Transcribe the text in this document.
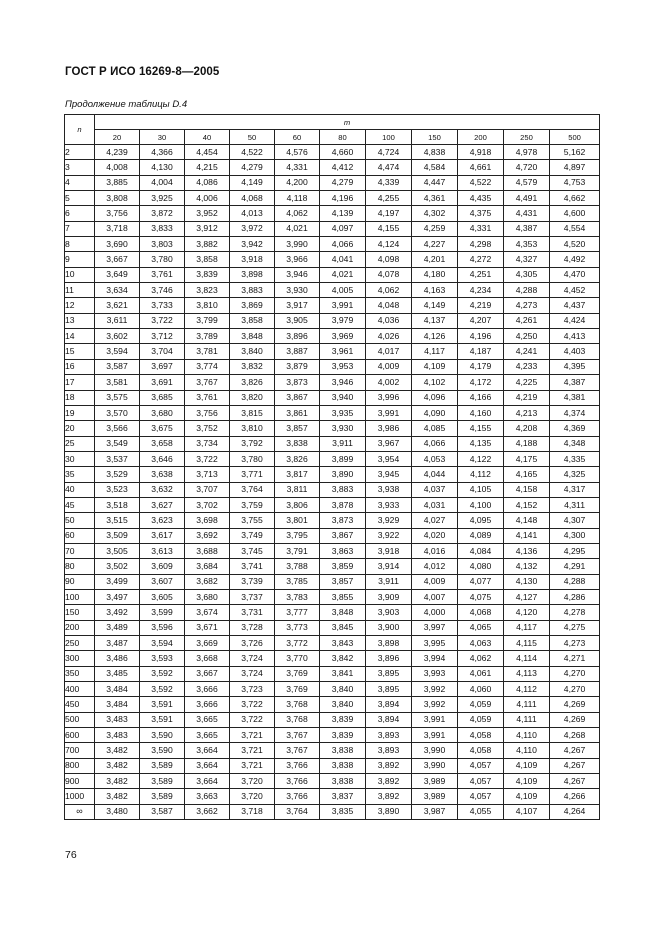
ГОСТ Р ИСО 16269-8—2005
Продолжение таблицы D.4
n	m										
	20	30	40	50	60	80	100	150	200	250	500
2	4,239	4,366	4,454	4,522	4,576	4,660	4,724	4,838	4,918	4,978	5,162
3	4,008	4,130	4,215	4,279	4,331	4,412	4,474	4,584	4,661	4,720	4,897
4	3,885	4,004	4,086	4,149	4,200	4,279	4,339	4,447	4,522	4,579	4,753
5	3,808	3,925	4,006	4,068	4,118	4,196	4,255	4,361	4,435	4,491	4,662
6	3,756	3,872	3,952	4,013	4,062	4,139	4,197	4,302	4,375	4,431	4,600
7	3,718	3,833	3,912	3,972	4,021	4,097	4,155	4,259	4,331	4,387	4,554
8	3,690	3,803	3,882	3,942	3,990	4,066	4,124	4,227	4,298	4,353	4,520
9	3,667	3,780	3,858	3,918	3,966	4,041	4,098	4,201	4,272	4,327	4,492
10	3,649	3,761	3,839	3,898	3,946	4,021	4,078	4,180	4,251	4,305	4,470
11	3,634	3,746	3,823	3,883	3,930	4,005	4,062	4,163	4,234	4,288	4,452
12	3,621	3,733	3,810	3,869	3,917	3,991	4,048	4,149	4,219	4,273	4,437
13	3,611	3,722	3,799	3,858	3,905	3,979	4,036	4,137	4,207	4,261	4,424
14	3,602	3,712	3,789	3,848	3,896	3,969	4,026	4,126	4,196	4,250	4,413
15	3,594	3,704	3,781	3,840	3,887	3,961	4,017	4,117	4,187	4,241	4,403
16	3,587	3,697	3,774	3,832	3,879	3,953	4,009	4,109	4,179	4,233	4,395
17	3,581	3,691	3,767	3,826	3,873	3,946	4,002	4,102	4,172	4,225	4,387
18	3,575	3,685	3,761	3,820	3,867	3,940	3,996	4,096	4,166	4,219	4,381
19	3,570	3,680	3,756	3,815	3,861	3,935	3,991	4,090	4,160	4,213	4,374
20	3,566	3,675	3,752	3,810	3,857	3,930	3,986	4,085	4,155	4,208	4,369
25	3,549	3,658	3,734	3,792	3,838	3,911	3,967	4,066	4,135	4,188	4,348
30	3,537	3,646	3,722	3,780	3,826	3,899	3,954	4,053	4,122	4,175	4,335
35	3,529	3,638	3,713	3,771	3,817	3,890	3,945	4,044	4,112	4,165	4,325
40	3,523	3,632	3,707	3,764	3,811	3,883	3,938	4,037	4,105	4,158	4,317
45	3,518	3,627	3,702	3,759	3,806	3,878	3,933	4,031	4,100	4,152	4,311
50	3,515	3,623	3,698	3,755	3,801	3,873	3,929	4,027	4,095	4,148	4,307
60	3,509	3,617	3,692	3,749	3,795	3,867	3,922	4,020	4,089	4,141	4,300
70	3,505	3,613	3,688	3,745	3,791	3,863	3,918	4,016	4,084	4,136	4,295
80	3,502	3,609	3,684	3,741	3,788	3,859	3,914	4,012	4,080	4,132	4,291
90	3,499	3,607	3,682	3,739	3,785	3,857	3,911	4,009	4,077	4,130	4,288
100	3,497	3,605	3,680	3,737	3,783	3,855	3,909	4,007	4,075	4,127	4,286
150	3,492	3,599	3,674	3,731	3,777	3,848	3,903	4,000	4,068	4,120	4,278
200	3,489	3,596	3,671	3,728	3,773	3,845	3,900	3,997	4,065	4,117	4,275
250	3,487	3,594	3,669	3,726	3,772	3,843	3,898	3,995	4,063	4,115	4,273
300	3,486	3,593	3,668	3,724	3,770	3,842	3,896	3,994	4,062	4,114	4,271
350	3,485	3,592	3,667	3,724	3,769	3,841	3,895	3,993	4,061	4,113	4,270
400	3,484	3,592	3,666	3,723	3,769	3,840	3,895	3,992	4,060	4,112	4,270
450	3,484	3,591	3,666	3,722	3,768	3,840	3,894	3,992	4,059	4,111	4,269
500	3,483	3,591	3,665	3,722	3,768	3,839	3,894	3,991	4,059	4,111	4,269
600	3,483	3,590	3,665	3,721	3,767	3,839	3,893	3,991	4,058	4,110	4,268
700	3,482	3,590	3,664	3,721	3,767	3,838	3,893	3,990	4,058	4,110	4,267
800	3,482	3,589	3,664	3,721	3,766	3,838	3,892	3,990	4,057	4,109	4,267
900	3,482	3,589	3,664	3,720	3,766	3,838	3,892	3,989	4,057	4,109	4,267
1000	3,482	3,589	3,663	3,720	3,766	3,837	3,892	3,989	4,057	4,109	4,266
∞	3,480	3,587	3,662	3,718	3,764	3,835	3,890	3,987	4,055	4,107	4,264
76
